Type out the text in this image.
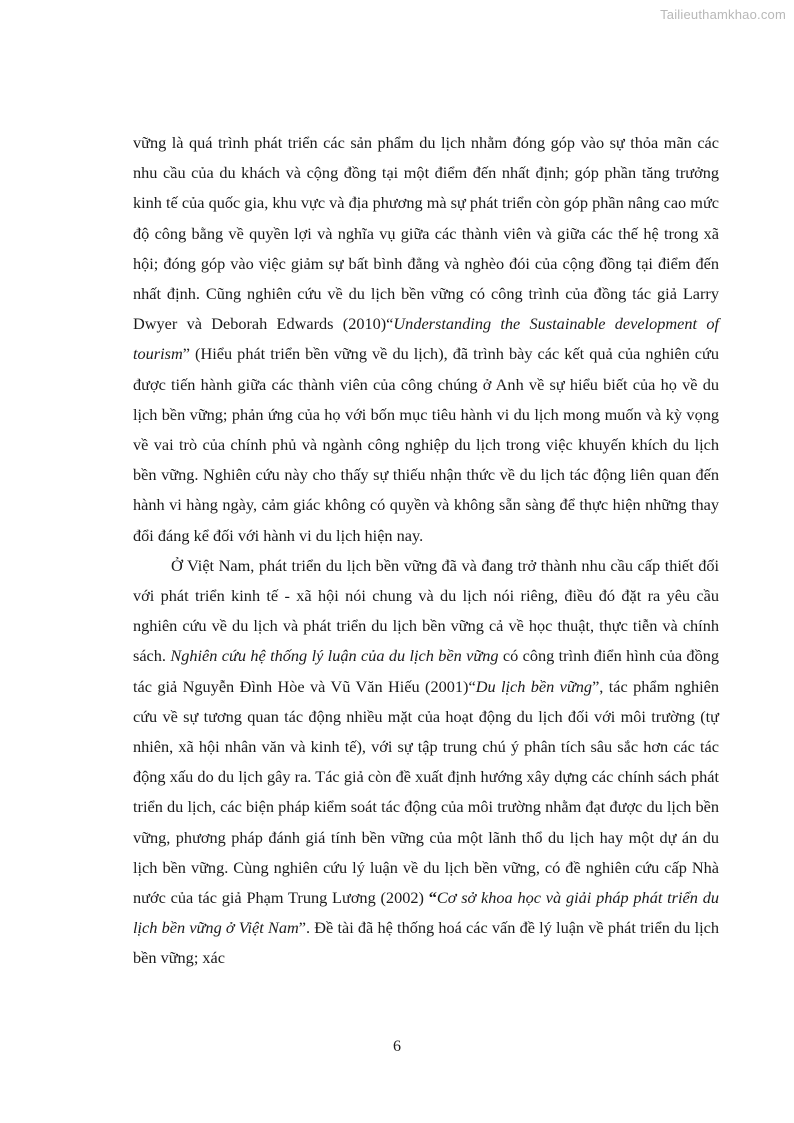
Tailieuthamkhao.com

vững là quá trình phát triển các sản phẩm du lịch nhằm đóng góp vào sự thỏa mãn các nhu cầu của du khách và cộng đồng tại một điểm đến nhất định; góp phần tăng trưởng kinh tế của quốc gia, khu vực và địa phương mà sự phát triển còn góp phần nâng cao mức độ công bằng về quyền lợi và nghĩa vụ giữa các thành viên và giữa các thế hệ trong xã hội; đóng góp vào việc giảm sự bất bình đẳng và nghèo đói của cộng đồng tại điểm đến nhất định. Cũng nghiên cứu về du lịch bền vững có công trình của đồng tác giả Larry Dwyer và Deborah Edwards (2010)“Understanding the Sustainable development of tourism” (Hiểu phát triển bền vững về du lịch), đã trình bày các kết quả của nghiên cứu được tiến hành giữa các thành viên của công chúng ở Anh về sự hiểu biết của họ về du lịch bền vững; phản ứng của họ với bốn mục tiêu hành vi du lịch mong muốn và kỳ vọng về vai trò của chính phủ và ngành công nghiệp du lịch trong việc khuyến khích du lịch bền vững. Nghiên cứu này cho thấy sự thiếu nhận thức về du lịch tác động liên quan đến hành vi hàng ngày, cảm giác không có quyền và không sẵn sàng để thực hiện những thay đổi đáng kể đối với hành vi du lịch hiện nay.

Ở Việt Nam, phát triển du lịch bền vững đã và đang trở thành nhu cầu cấp thiết đối với phát triển kinh tế - xã hội nói chung và du lịch nói riêng, điều đó đặt ra yêu cầu nghiên cứu về du lịch và phát triển du lịch bền vững cả về học thuật, thực tiễn và chính sách. Nghiên cứu hệ thống lý luận của du lịch bền vững có công trình điển hình của đồng tác giả Nguyễn Đình Hòe và Vũ Văn Hiếu (2001)“Du lịch bền vững”, tác phẩm nghiên cứu về sự tương quan tác động nhiều mặt của hoạt động du lịch đối với môi trường (tự nhiên, xã hội nhân văn và kinh tế), với sự tập trung chú ý phân tích sâu sắc hơn các tác động xấu do du lịch gây ra. Tác giả còn đề xuất định hướng xây dựng các chính sách phát triển du lịch, các biện pháp kiểm soát tác động của môi trường nhằm đạt được du lịch bền vững, phương pháp đánh giá tính bền vững của một lãnh thổ du lịch hay một dự án du lịch bền vững. Cùng nghiên cứu lý luận về du lịch bền vững, có đề nghiên cứu cấp Nhà nước của tác giả Phạm Trung Lương (2002) “Cơ sở khoa học và giải pháp phát triển du lịch bền vững ở Việt Nam”. Đề tài đã hệ thống hoá các vấn đề lý luận về phát triển du lịch bền vững; xác

6
